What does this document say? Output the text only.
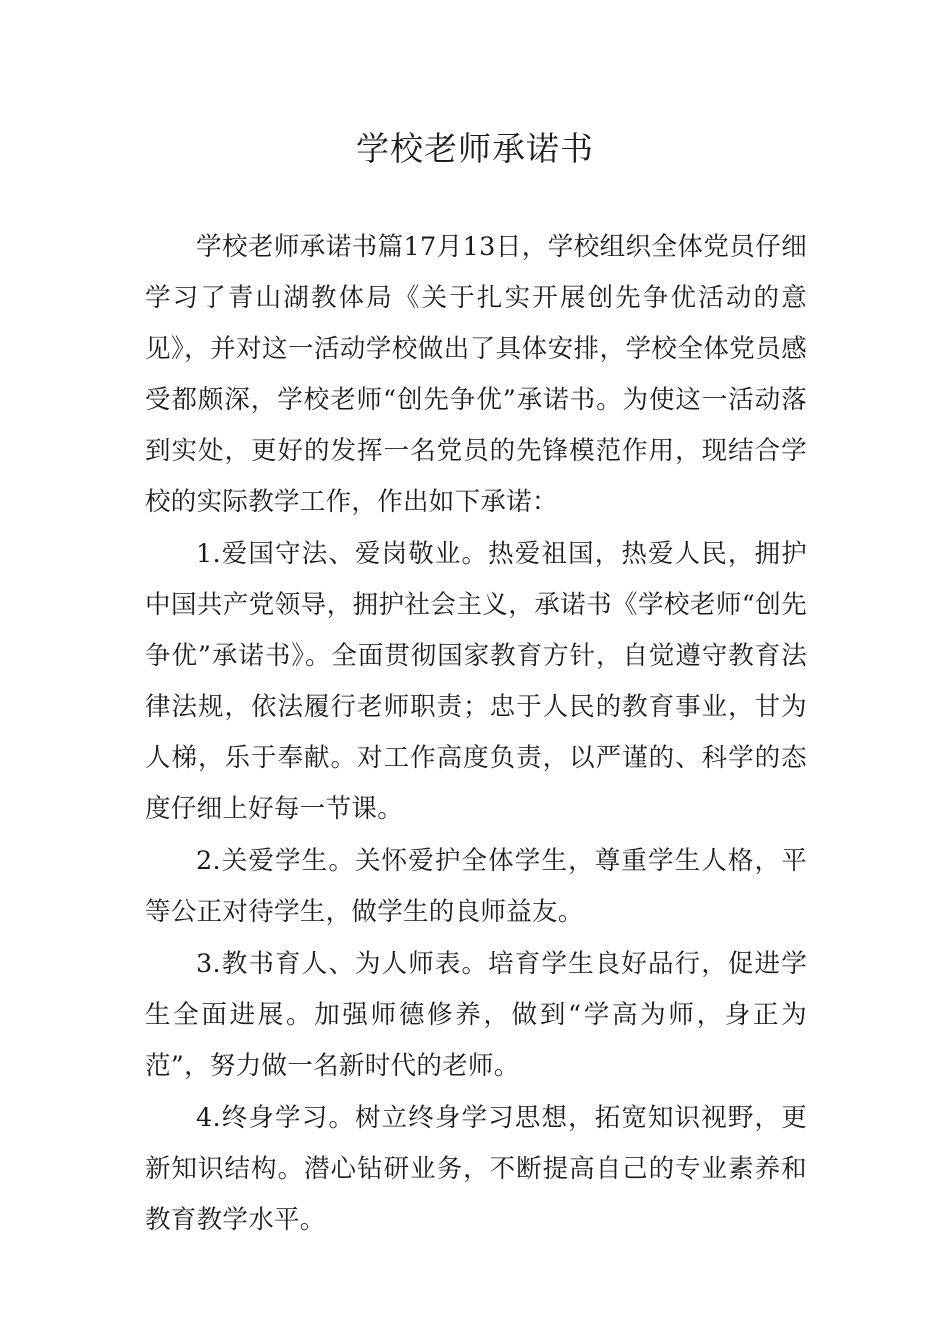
学校老师承诺书

学校老师承诺书篇17月13日，学校组织全体党员仔细学习了青山湖教体局《关于扎实开展创先争优活动的意见》，并对这一活动学校做出了具体安排，学校全体党员感受都颇深，学校老师“创先争优”承诺书。为使这一活动落到实处，更好的发挥一名党员的先锋模范作用，现结合学校的实际教学工作，作出如下承诺：

1.爱国守法、爱岗敬业。热爱祖国，热爱人民，拥护中国共产党领导，拥护社会主义，承诺书《学校老师“创先争优”承诺书》。全面贯彻国家教育方针，自觉遵守教育法律法规，依法履行老师职责；忠于人民的教育事业，甘为人梯，乐于奉献。对工作高度负责，以严谨的、科学的态度仔细上好每一节课。

2.关爱学生。关怀爱护全体学生，尊重学生人格，平等公正对待学生，做学生的良师益友。

3.教书育人、为人师表。培育学生良好品行，促进学生全面进展。加强师德修养，做到“学高为师，身正为范”，努力做一名新时代的老师。

4.终身学习。树立终身学习思想，拓宽知识视野，更新知识结构。潜心钻研业务，不断提高自己的专业素养和教育教学水平。
